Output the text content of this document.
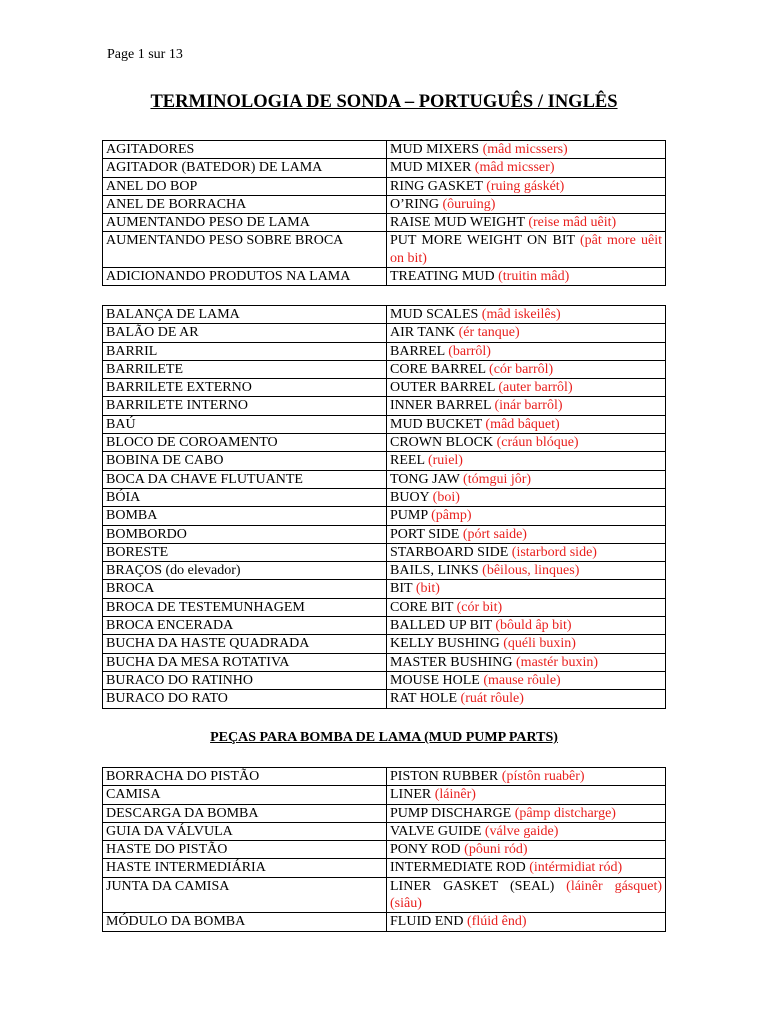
Page 1 sur 13
TERMINOLOGIA DE SONDA – PORTUGUÊS / INGLÊS
AGITADORES	MUD MIXERS (mâd micssers)
AGITADOR (BATEDOR) DE LAMA	MUD MIXER (mâd micsser)
ANEL DO BOP	RING GASKET (ruing gáskét)
ANEL DE BORRACHA	O’RING (ôuruing)
AUMENTANDO PESO DE LAMA	RAISE MUD WEIGHT (reise mâd uêit)
AUMENTANDO PESO SOBRE BROCA	PUT MORE WEIGHT ON BIT (pât more uêit on bit)
ADICIONANDO PRODUTOS NA LAMA	TREATING MUD (truitin mâd)
BALANÇA DE LAMA	MUD SCALES (mâd iskeilês)
BALÃO DE AR	AIR TANK (ér tanque)
BARRIL	BARREL (barrôl)
BARRILETE	CORE BARREL (cór barrôl)
BARRILETE EXTERNO	OUTER BARREL (auter barrôl)
BARRILETE INTERNO	INNER BARREL (inár barrôl)
BAÚ	MUD BUCKET (mâd bâquet)
BLOCO DE COROAMENTO	CROWN BLOCK (cráun blóque)
BOBINA DE CABO	REEL (ruiel)
BOCA DA CHAVE FLUTUANTE	TONG JAW (tómgui jôr)
BÓIA	BUOY (boi)
BOMBA	PUMP (pâmp)
BOMBORDO	PORT SIDE (pórt saide)
BORESTE	STARBOARD SIDE (istarbord side)
BRAÇOS (do elevador)	BAILS, LINKS (bêilous, linques)
BROCA	BIT (bit)
BROCA DE TESTEMUNHAGEM	CORE BIT (cór bit)
BROCA ENCERADA	BALLED UP BIT (bôuld âp bit)
BUCHA DA HASTE QUADRADA	KELLY BUSHING (quéli buxin)
BUCHA DA MESA ROTATIVA	MASTER BUSHING (mastér buxin)
BURACO DO RATINHO	MOUSE HOLE (mause rôule)
BURACO DO RATO	RAT HOLE (ruát rôule)
PEÇAS PARA BOMBA DE LAMA (MUD PUMP PARTS)
BORRACHA DO PISTÃO	PISTON RUBBER (pístôn ruabêr)
CAMISA	LINER (láinêr)
DESCARGA DA BOMBA	PUMP DISCHARGE (pâmp distcharge)
GUIA DA VÁLVULA	VALVE GUIDE (válve gaide)
HASTE DO PISTÃO	PONY ROD (pôuni ród)
HASTE INTERMEDIÁRIA	INTERMEDIATE ROD (intérmidiat ród)
JUNTA DA CAMISA	LINER GASKET (SEAL) (láinêr gásquet) (siâu)
MÓDULO DA BOMBA	FLUID END (flúid ênd)
